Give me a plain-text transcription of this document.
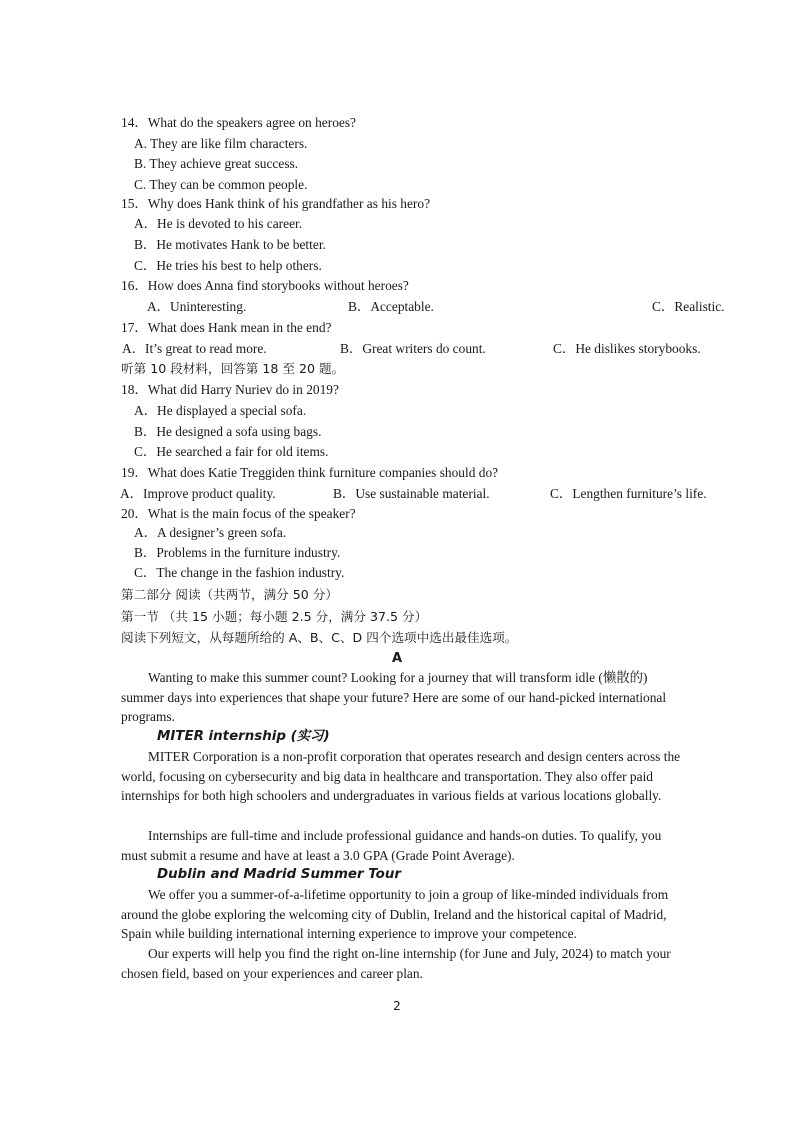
14．What do the speakers agree on heroes?
A. They are like film characters.
B. They achieve great success.
C. They can be common people.
15．Why does Hank think of his grandfather as his hero?
A．He is devoted to his career.
B．He motivates Hank to be better.
C．He tries his best to help others.
16．How does Anna find storybooks without heroes?
A．Uninteresting.	B．Acceptable.	C．Realistic.
17．What does Hank mean in the end?
A．It’s great to read more.	B．Great writers do count.	C．He dislikes storybooks.
听第 10 段材料，回答第 18 至 20 题。
18．What did Harry Nuriev do in 2019?
A．He displayed a special sofa.
B．He designed a sofa using bags.
C．He searched a fair for old items.
19．What does Katie Treggiden think furniture companies should do?
A．Improve product quality.	B．Use sustainable material.	C．Lengthen furniture’s life.
20．What is the main focus of the speaker?
A．A designer’s green sofa.
B．Problems in the furniture industry.
C．The change in the fashion industry.
第二部分 阅读（共两节，满分 50 分）
第一节 （共 15 小题；每小题 2.5 分，满分 37.5 分）
阅读下列短文，从每题所给的 A、B、C、D 四个选项中选出最佳选项。
A

Wanting to make this summer count? Looking for a journey that will transform idle (懒散的) summer days into experiences that shape your future? Here are some of our hand-picked international programs.

MITER internship (实习)

MITER Corporation is a non-profit corporation that operates research and design centers across the world, focusing on cybersecurity and big data in healthcare and transportation. They also offer paid internships for both high schoolers and undergraduates in various fields at various locations globally.

Internships are full-time and include professional guidance and hands-on duties. To qualify, you must submit a resume and have at least a 3.0 GPA (Grade Point Average).

Dublin and Madrid Summer Tour

We offer you a summer-of-a-lifetime opportunity to join a group of like-minded individuals from around the globe exploring the welcoming city of Dublin, Ireland and the historical capital of Madrid, Spain while building international interning experience to improve your competence.

Our experts will help you find the right on-line internship (for June and July, 2024) to match your chosen field, based on your experiences and career plan.

2
